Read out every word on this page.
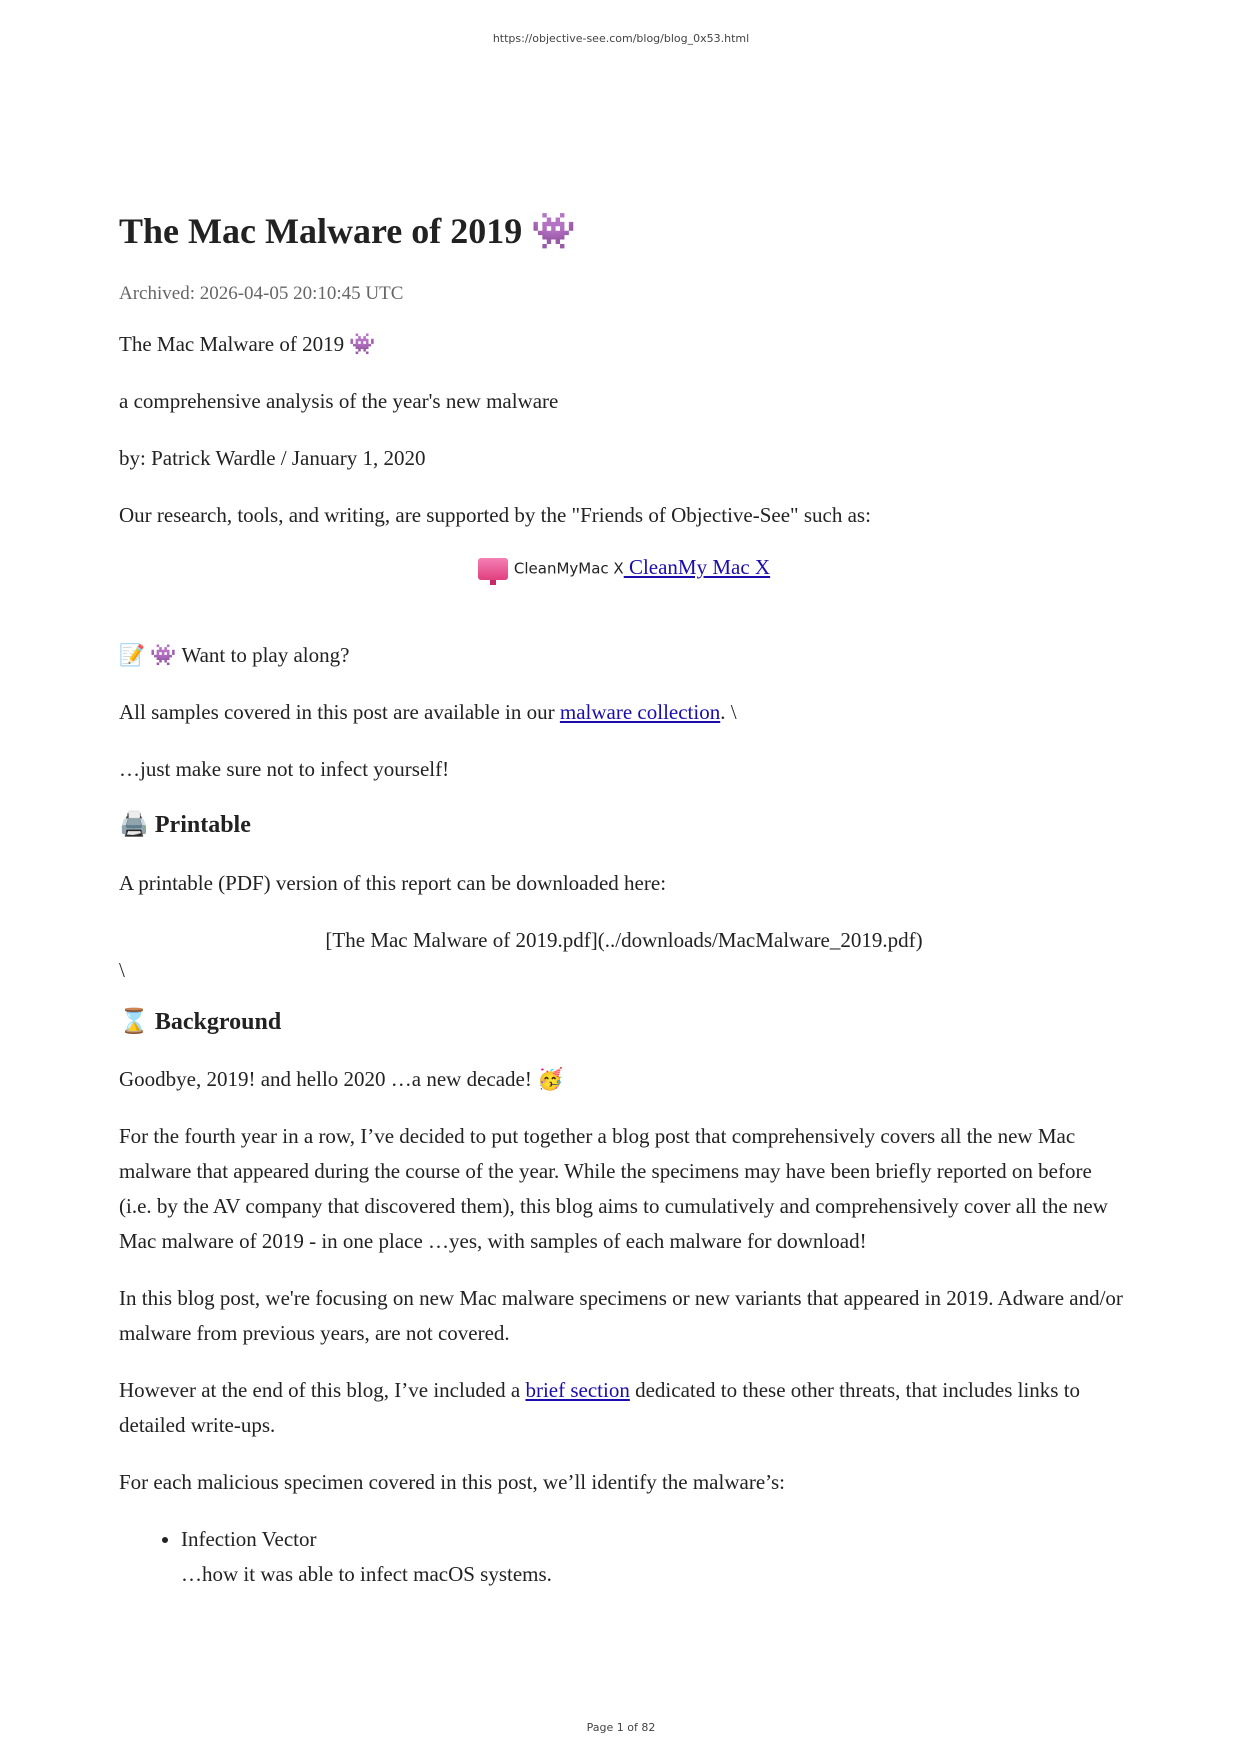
https://objective-see.com/blog/blog_0x53.html
The Mac Malware of 2019 👾
Archived: 2026-04-05 20:10:45 UTC

The Mac Malware of 2019 👾

a comprehensive analysis of the year's new malware

by: Patrick Wardle / January 1, 2020

Our research, tools, and writing, are supported by the "Friends of Objective-See" such as:

CleanMyMac X CleanMy Mac X

📝 👾 Want to play along?

All samples covered in this post are available in our malware collection. \

…just make sure not to infect yourself!

🖨️ Printable

A printable (PDF) version of this report can be downloaded here:

[The Mac Malware of 2019.pdf](../downloads/MacMalware_2019.pdf)
\
⌛ Background

Goodbye, 2019! and hello 2020 …a new decade! 🥳

For the fourth year in a row, I’ve decided to put together a blog post that comprehensively covers all the new Mac malware that appeared during the course of the year. While the specimens may have been briefly reported on before (i.e. by the AV company that discovered them), this blog aims to cumulatively and comprehensively cover all the new Mac malware of 2019 - in one place …yes, with samples of each malware for download!

In this blog post, we're focusing on new Mac malware specimens or new variants that appeared in 2019. Adware and/or malware from previous years, are not covered.

However at the end of this blog, I’ve included a brief section dedicated to these other threats, that includes links to detailed write-ups.

For each malicious specimen covered in this post, we’ll identify the malware’s:

• Infection Vector
…how it was able to infect macOS systems.
Page 1 of 82
